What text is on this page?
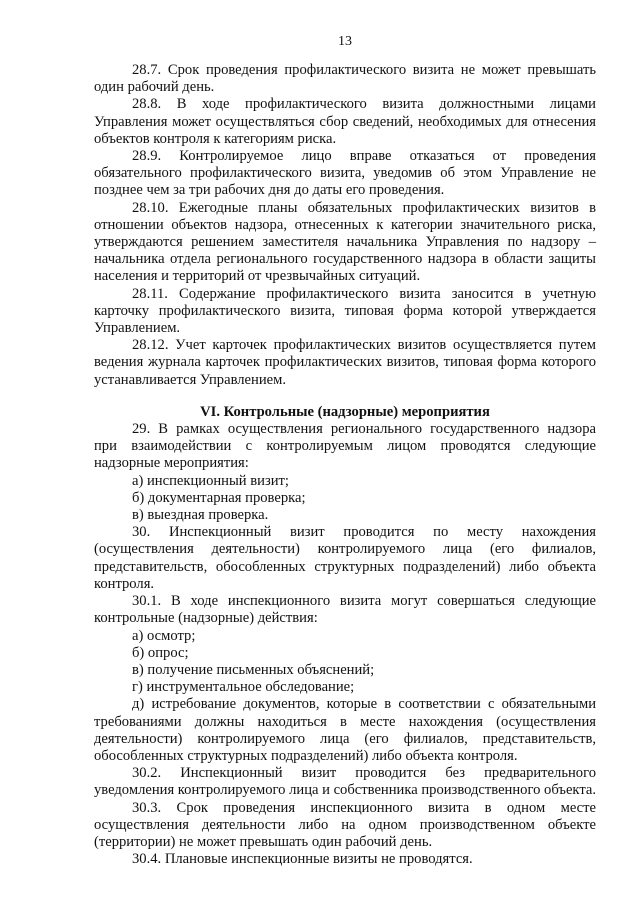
13

28.7. Срок проведения профилактического визита не может превышать один рабочий день.

28.8. В ходе профилактического визита должностными лицами Управления может осуществляться сбор сведений, необходимых для отнесения объектов контроля к категориям риска.

28.9. Контролируемое лицо вправе отказаться от проведения обязательного профилактического визита, уведомив об этом Управление не позднее чем за три рабочих дня до даты его проведения.

28.10. Ежегодные планы обязательных профилактических визитов в отношении объектов надзора, отнесенных к категории значительного риска, утверждаются решением заместителя начальника Управления по надзору – начальника отдела регионального государственного надзора в области защиты населения и территорий от чрезвычайных ситуаций.

28.11. Содержание профилактического визита заносится в учетную карточку профилактического визита, типовая форма которой утверждается Управлением.

28.12. Учет карточек профилактических визитов осуществляется путем ведения журнала карточек профилактических визитов, типовая форма которого устанавливается Управлением.

VI. Контрольные (надзорные) мероприятия

29. В рамках осуществления регионального государственного надзора при взаимодействии с контролируемым лицом проводятся следующие надзорные мероприятия:

а) инспекционный визит;

б) документарная проверка;

в) выездная проверка.

30. Инспекционный визит проводится по месту нахождения (осуществления деятельности) контролируемого лица (его филиалов, представительств, обособленных структурных подразделений) либо объекта контроля.

30.1. В ходе инспекционного визита могут совершаться следующие контрольные (надзорные) действия:

а) осмотр;

б) опрос;

в) получение письменных объяснений;

г) инструментальное обследование;

д) истребование документов, которые в соответствии с обязательными требованиями должны находиться в месте нахождения (осуществления деятельности) контролируемого лица (его филиалов, представительств, обособленных структурных подразделений) либо объекта контроля.

30.2. Инспекционный визит проводится без предварительного уведомления контролируемого лица и собственника производственного объекта.

30.3. Срок проведения инспекционного визита в одном месте осуществления деятельности либо на одном производственном объекте (территории) не может превышать один рабочий день.

30.4. Плановые инспекционные визиты не проводятся.
